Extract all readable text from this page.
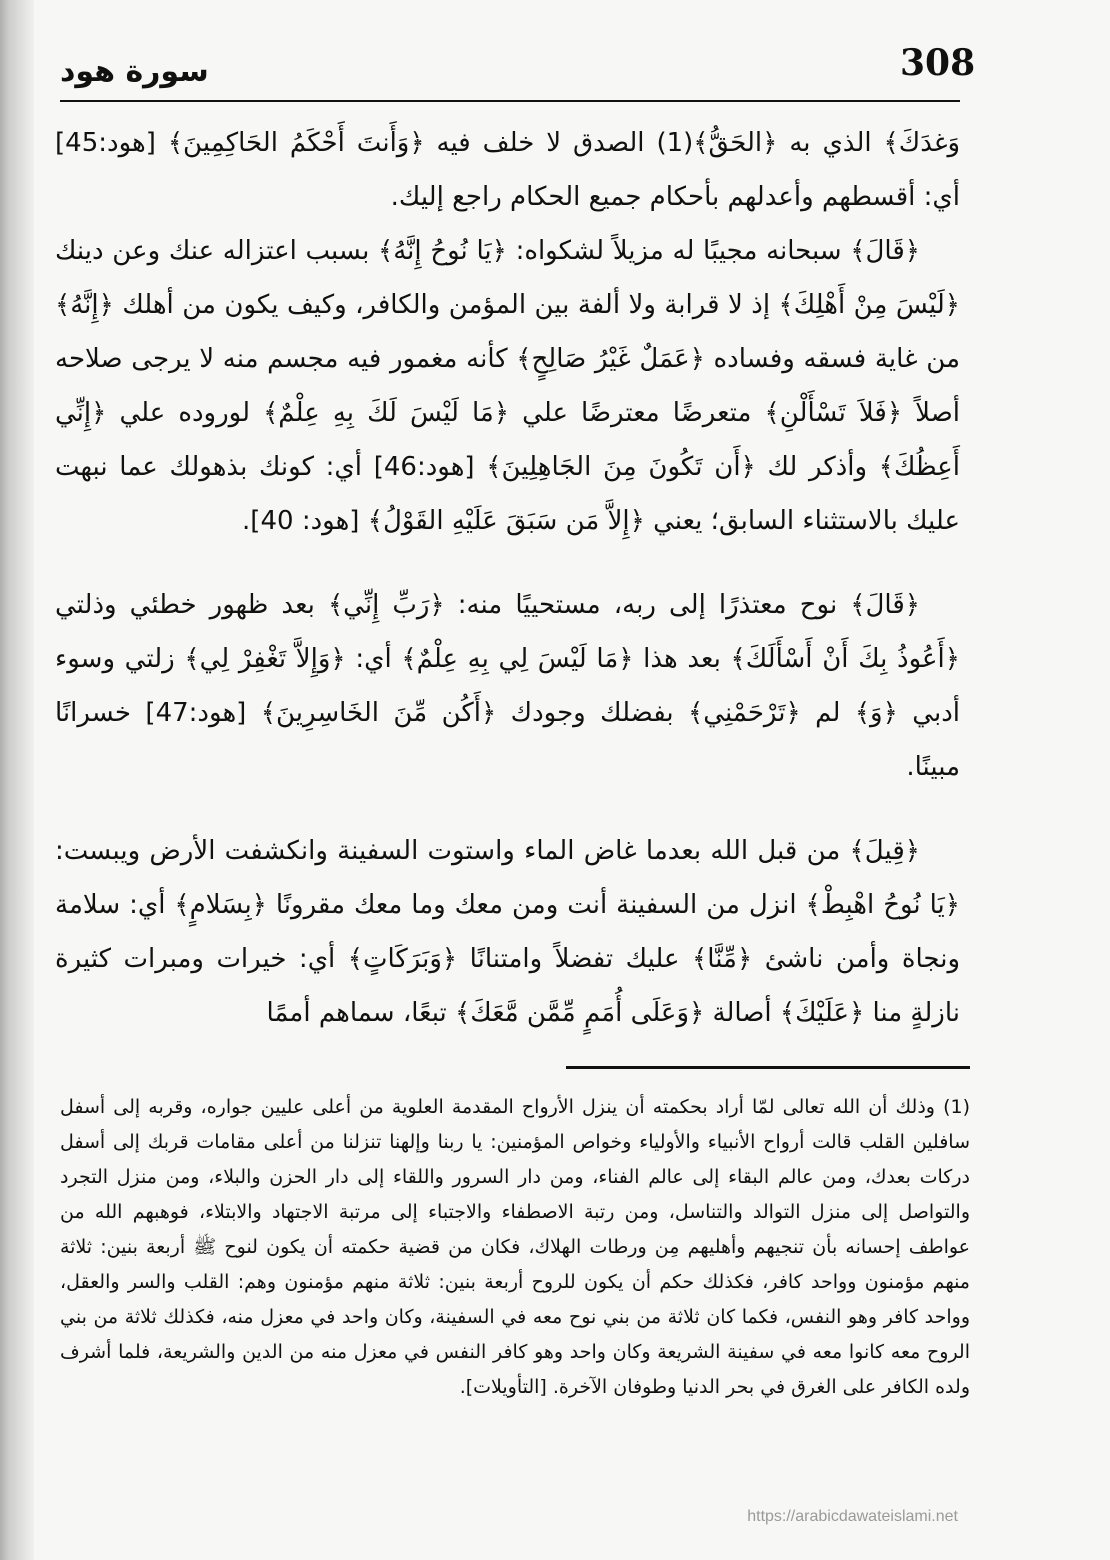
308
سورة هود

وَغدَكَ﴾ الذي به ﴿الحَقُّ﴾(1) الصدق لا خلف فيه ﴿وَأَنتَ أَحْكَمُ الحَاكِمِينَ﴾ [هود:45] أي: أقسطهم وأعدلهم بأحكام جميع الحكام راجع إليك.

﴿قَالَ﴾ سبحانه مجيبًا له مزيلاً لشكواه: ﴿يَا نُوحُ إِنَّهُ﴾ بسبب اعتزاله عنك وعن دينك ﴿لَيْسَ مِنْ أَهْلِكَ﴾ إذ لا قرابة ولا ألفة بين المؤمن والكافر، وكيف يكون من أهلك ﴿إِنَّهُ﴾ من غاية فسقه وفساده ﴿عَمَلٌ غَيْرُ صَالِحٍ﴾ كأنه مغمور فيه مجسم منه لا يرجى صلاحه أصلاً ﴿فَلاَ تَسْأَلْنِ﴾ متعرضًا معترضًا علي ﴿مَا لَيْسَ لَكَ بِهِ عِلْمٌ﴾ لوروده علي ﴿إِنِّي أَعِظُكَ﴾ وأذكر لك ﴿أَن تَكُونَ مِنَ الجَاهِلِينَ﴾ [هود:46] أي: كونك بذهولك عما نبهت عليك بالاستثناء السابق؛ يعني ﴿إِلاَّ مَن سَبَقَ عَلَيْهِ القَوْلُ﴾ [هود: 40].

﴿قَالَ﴾ نوح معتذرًا إلى ربه، مستحييًا منه: ﴿رَبِّ إِنِّي﴾ بعد ظهور خطئي وذلتي ﴿أَعُوذُ بِكَ أَنْ أَسْأَلَكَ﴾ بعد هذا ﴿مَا لَيْسَ لِي بِهِ عِلْمٌ﴾ أي: ﴿وَإِلاَّ تَغْفِرْ لِي﴾ زلتي وسوء أدبي ﴿وَ﴾ لم ﴿تَرْحَمْنِي﴾ بفضلك وجودك ﴿أَكُن مِّنَ الخَاسِرِينَ﴾ [هود:47] خسرانًا مبينًا.

﴿قِيلَ﴾ من قبل الله بعدما غاض الماء واستوت السفينة وانكشفت الأرض ويبست: ﴿يَا نُوحُ اهْبِطْ﴾ انزل من السفينة أنت ومن معك وما معك مقرونًا ﴿بِسَلامٍ﴾ أي: سلامة ونجاة وأمن ناشئ ﴿مِّنَّا﴾ عليك تفضلاً وامتنانًا ﴿وَبَرَكَاتٍ﴾ أي: خيرات ومبرات كثيرة نازلةٍ منا ﴿عَلَيْكَ﴾ أصالة ﴿وَعَلَى أُمَمٍ مِّمَّن مَّعَكَ﴾ تبعًا، سماهم أممًا

(1) وذلك أن الله تعالى لمّا أراد بحكمته أن ينزل الأرواح المقدمة العلوية من أعلى عليين جواره، وقربه إلى أسفل سافلين القلب قالت أرواح الأنبياء والأولياء وخواص المؤمنين: يا ربنا وإلهنا تنزلنا من أعلى مقامات قربك إلى أسفل دركات بعدك، ومن عالم البقاء إلى عالم الفناء، ومن دار السرور واللقاء إلى دار الحزن والبلاء، ومن منزل التجرد والتواصل إلى منزل التوالد والتناسل، ومن رتبة الاصطفاء والاجتباء إلى مرتبة الاجتهاد والابتلاء، فوهبهم الله من عواطف إحسانه بأن تنجيهم وأهليهم مِن ورطات الهلاك، فكان من قضية حكمته أن يكون لنوح ﷺ أربعة بنين: ثلاثة منهم مؤمنون وواحد كافر، فكذلك حكم أن يكون للروح أربعة بنين: ثلاثة منهم مؤمنون وهم: القلب والسر والعقل، وواحد كافر وهو النفس، فكما كان ثلاثة من بني نوح معه في السفينة، وكان واحد في معزل منه، فكذلك ثلاثة من بني الروح معه كانوا معه في سفينة الشريعة وكان واحد وهو كافر النفس في معزل منه من الدين والشريعة، فلما أشرف ولده الكافر على الغرق في بحر الدنيا وطوفان الآخرة. [التأويلات].

https://arabicdawateislami.net
